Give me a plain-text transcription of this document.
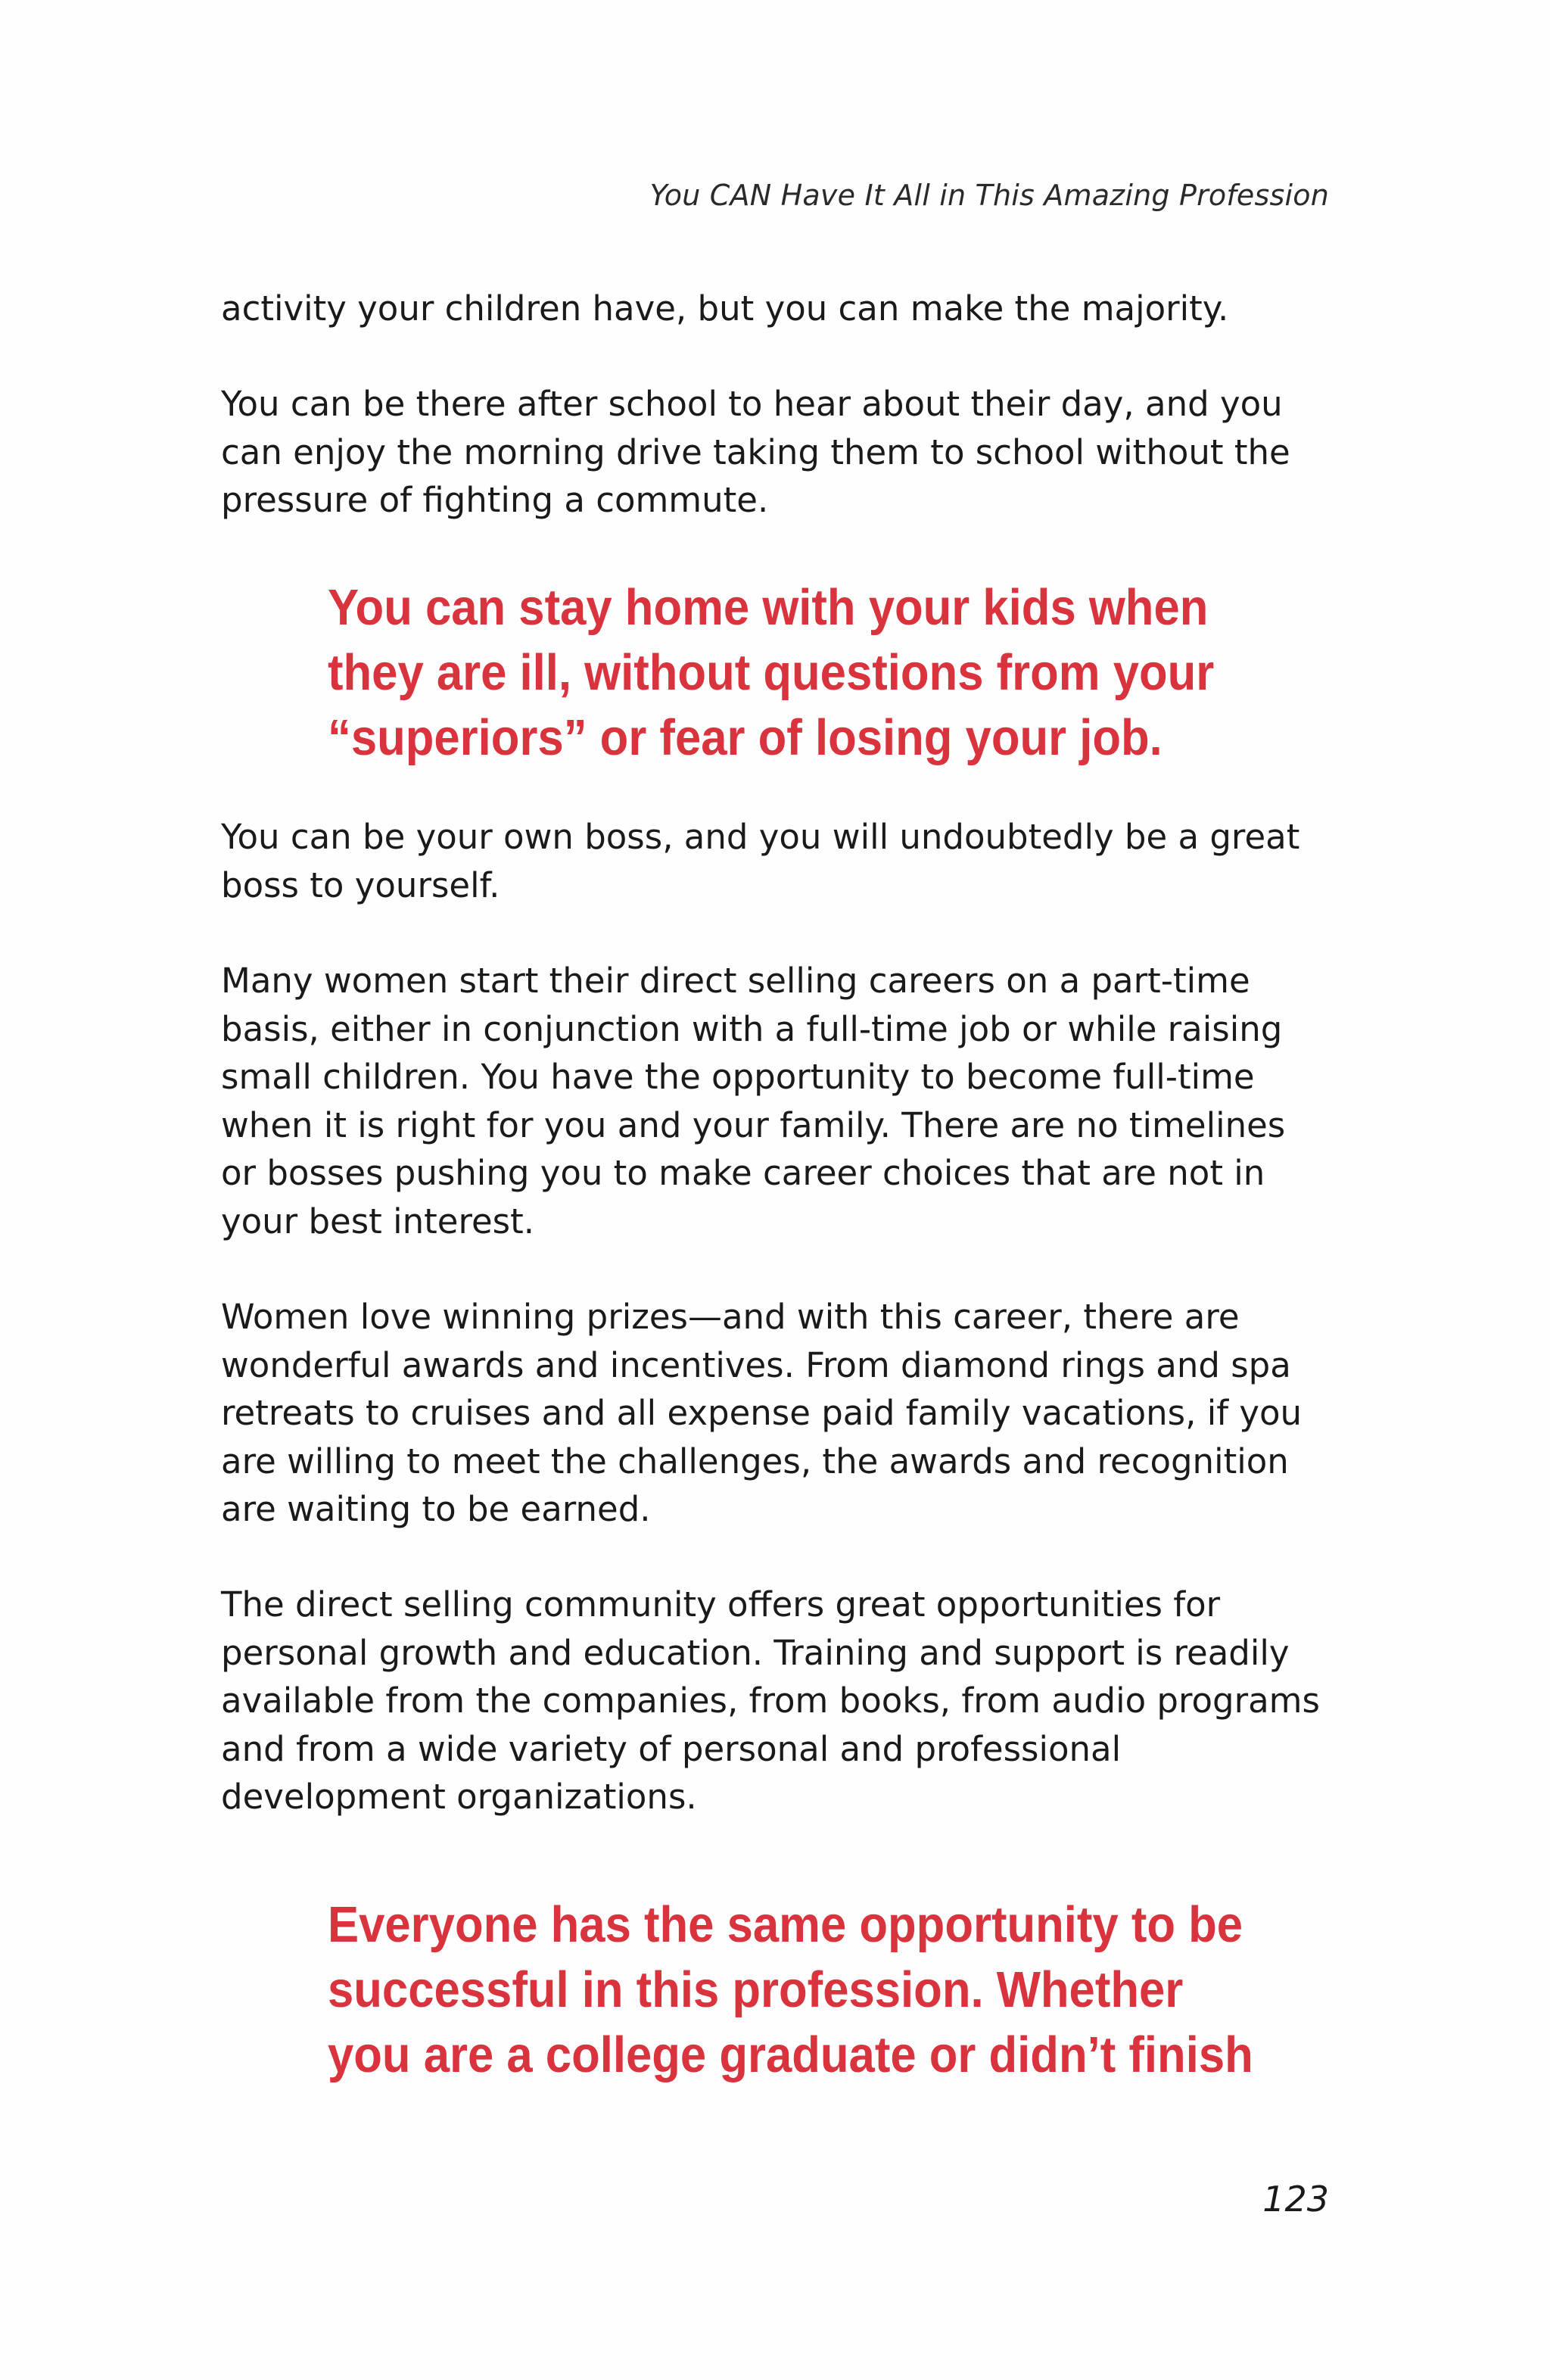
You CAN Have It All in This Amazing Profession

activity your children have, but you can make the majority.

You can be there after school to hear about their day, and you can enjoy the morning drive taking them to school without the pressure of fighting a commute.

You can stay home with your kids when they are ill, without questions from your “superiors” or fear of losing your job.

You can be your own boss, and you will undoubtedly be a great boss to yourself.

Many women start their direct selling careers on a part-time basis, either in conjunction with a full-time job or while raising small children. You have the opportunity to become full-time when it is right for you and your family. There are no timelines or bosses pushing you to make career choices that are not in your best interest.

Women love winning prizes—and with this career, there are wonderful awards and incentives. From diamond rings and spa retreats to cruises and all expense paid family vacations, if you are willing to meet the challenges, the awards and recognition are waiting to be earned.

The direct selling community offers great opportunities for personal growth and education. Training and support is readily available from the companies, from books, from audio programs and from a wide variety of personal and professional development organizations.

Everyone has the same opportunity to be successful in this profession. Whether you are a college graduate or didn’t finish

123
